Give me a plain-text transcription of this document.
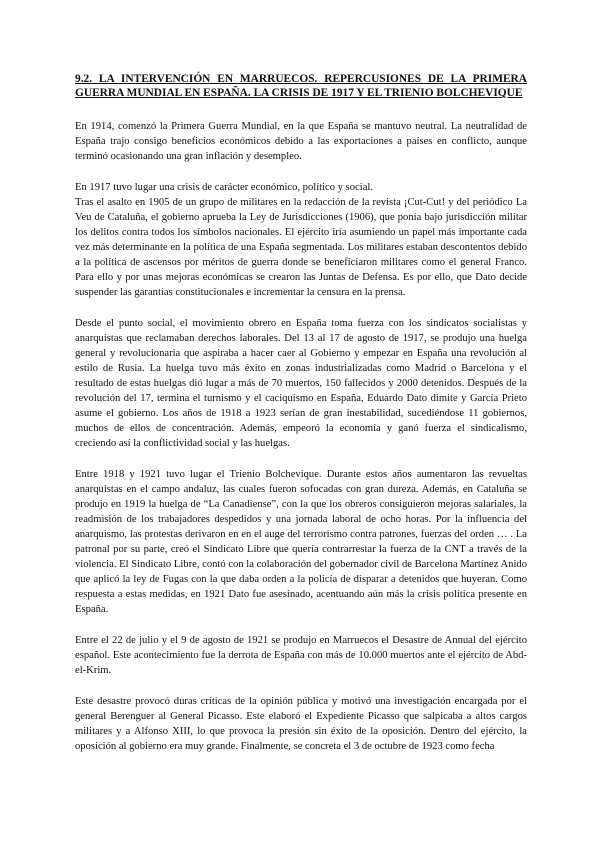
9.2. LA INTERVENCIÓN EN MARRUECOS. REPERCUSIONES DE LA PRIMERA GUERRA MUNDIAL EN ESPAÑA. LA CRISIS DE 1917 Y EL TRIENIO BOLCHEVIQUE

En 1914, comenzó la Primera Guerra Mundial, en la que España se mantuvo neutral. La neutralidad de España trajo consigo beneficios económicos debido a las exportaciones a países en conflicto, aunque terminó ocasionando una gran inflación y desempleo.

En 1917 tuvo lugar una crisis de carácter económico, político y social.

Tras el asalto en 1905 de un grupo de militares en la redacción de la revista ¡Cut-Cut! y del periódico La Veu de Cataluña, el gobierno aprueba la Ley de Jurisdicciones (1906), que ponía bajo jurisdicción militar los delitos contra todos los símbolos nacionales. El ejército iría asumiendo un papel más importante cada vez más determinante en la política de una España segmentada. Los militares estaban descontentos debido a la política de ascensos por méritos de guerra donde se beneficiaron militares como el general Franco. Para ello y por unas mejoras económicas se crearon las Juntas de Defensa. Es por ello, que Dato decide suspender las garantías constitucionales e incrementar la censura en la prensa.

Desde el punto social, el movimiento obrero en España toma fuerza con los sindicatos socialistas y anarquistas que reclamaban derechos laborales. Del 13 al 17 de agosto de 1917, se produjo una huelga general y revolucionaria que aspiraba a hacer caer al Gobierno y empezar en España una revolución al estilo de Rusia. La huelga tuvo más éxito en zonas industrializadas como Madrid o Barcelona y el resultado de estas huelgas dió lugar a más de 70 muertos, 150 fallecidos y 2000 detenidos. Después de la revolución del 17, termina el turnismo y el caciquismo en España, Eduardo Dato dimite y García Prieto asume el gobierno. Los años de 1918 a 1923 serían de gran inestabilidad, sucediéndose 11 gobiernos, muchos de ellos de concentración. Además, empeoró la economía y ganó fuerza el sindicalismo, creciendo así la conflictividad social y las huelgas.

Entre 1918 y 1921 tuvo lugar el Trienio Bolchevique. Durante estos años aumentaron las revueltas anarquistas en el campo andaluz, las cuales fueron sofocadas con gran dureza. Además, en Cataluña se produjo en 1919 la huelga de “La Canadiense”, con la que los obreros consiguieron mejoras salariales, la readmisión de los trabajadores despedidos y una jornada laboral de ocho horas. Por la influencia del anarquismo, las protestas derivaron en en el auge del terrorismo contra patrones, fuerzas del orden … . La patronal por su parte, creó el Sindicato Libre que quería contrarrestar la fuerza de la CNT a través de la violencia. El Sindicato Libre, contó con la colaboración del gobernador civil de Barcelona Martínez Anido que aplicó la ley de Fugas con la que daba orden a la policía de disparar a detenidos que huyeran. Como respuesta a estas medidas, en 1921 Dato fue asesinado, acentuando aún más la crisis política presente en España.

Entre el 22 de julio y el 9 de agosto de 1921 se produjo en Marruecos el Desastre de Annual del ejército español. Este acontecimiento fue la derrota de España con más de 10.000 muertos ante el ejército de Abd-el-Krim.

Este desastre provocó duras críticas de la opinión pública y motivó una investigación encargada por el general Berenguer al General Picasso. Este elaboró el Expediente Picasso que salpicaba a altos cargos militares y a Alfonso XIII, lo que provoca la presión sin éxito de la oposición. Dentro del ejército, la oposición al gobierno era muy grande. Finalmente, se concreta el 3 de octubre de 1923 como fecha
